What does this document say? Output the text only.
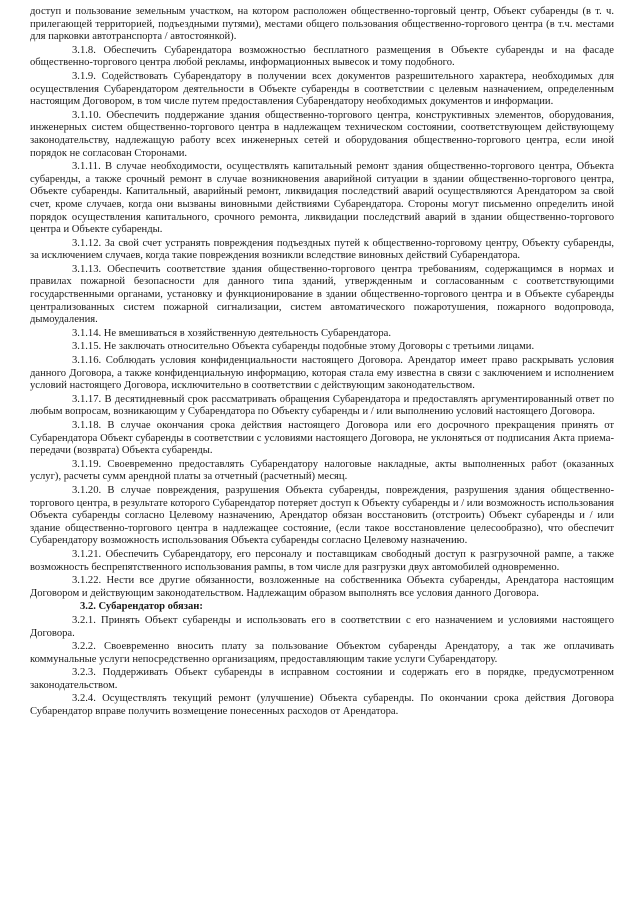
доступ и пользование земельным участком, на котором расположен общественно-торговый центр, Объект субаренды (в т. ч. прилегающей территорией, подъездными путями), местами общего пользования общественно-торгового центра (в т.ч. местами для парковки автотранспорта / автостоянкой).

3.1.8. Обеспечить Субарендатора возможностью бесплатного размещения в Объекте субаренды и на фасаде общественно-торгового центра любой рекламы, информационных вывесок и тому подобного.

3.1.9. Содействовать Субарендатору в получении всех документов разрешительного характера, необходимых для осуществления Субарендатором деятельности в Объекте субаренды в соответствии с целевым назначением, определенным настоящим Договором, в том числе путем предоставления Субарендатору необходимых документов и информации.

3.1.10. Обеспечить поддержание здания общественно-торгового центра, конструктивных элементов, оборудования, инженерных систем общественно-торгового центра в надлежащем техническом состоянии, соответствующем действующему законодательству, надлежащую работу всех инженерных сетей и оборудования общественно-торгового центра, если иной порядок не согласован Сторонами.

3.1.11. В случае необходимости, осуществлять капитальный ремонт здания общественно-торгового центра, Объекта субаренды, а также срочный ремонт в случае возникновения аварийной ситуации в здании общественно-торгового центра, Объекте субаренды. Капитальный, аварийный ремонт, ликвидация последствий аварий осуществляются Арендатором за свой счет, кроме случаев, когда они вызваны виновными действиями Субарендатора. Стороны могут письменно определить иной порядок осуществления капитального, срочного ремонта, ликвидации последствий аварий в здании общественно-торгового центра и Объекте субаренды.

3.1.12. За свой счет устранять повреждения подъездных путей к общественно-торговому центру, Объекту субаренды, за исключением случаев, когда такие повреждения возникли вследствие виновных действий Субарендатора.

3.1.13. Обеспечить соответствие здания общественно-торгового центра требованиям, содержащимся в нормах и правилах пожарной безопасности для данного типа зданий, утвержденным и согласованным с соответствующими государственными органами, установку и функционирование в здании общественно-торгового центра и в Объекте субаренды централизованных систем пожарной сигнализации, систем автоматического пожаротушения, пожарного водопровода, дымоудаления.

3.1.14. Не вмешиваться в хозяйственную деятельность Субарендатора.

3.1.15. Не заключать относительно Объекта субаренды подобные этому Договоры с третьими лицами.

3.1.16. Соблюдать условия конфиденциальности настоящего Договора. Арендатор имеет право раскрывать условия данного Договора, а также конфиденциальную информацию, которая стала ему известна в связи с заключением и исполнением условий настоящего Договора, исключительно в соответствии с действующим законодательством.

3.1.17. В десятидневный срок рассматривать обращения Субарендатора и предоставлять аргументированный ответ по любым вопросам, возникающим у Субарендатора по Объекту субаренды и / или выполнению условий настоящего Договора.

3.1.18. В случае окончания срока действия настоящего Договора или его досрочного прекращения принять от Субарендатора Объект субаренды в соответствии с условиями настоящего Договора, не уклоняться от подписания Акта приема-передачи (возврата) Объекта субаренды.

3.1.19. Своевременно предоставлять Субарендатору налоговые накладные, акты выполненных работ (оказанных услуг), расчеты сумм арендной платы за отчетный (расчетный) месяц.

3.1.20. В случае повреждения, разрушения Объекта субаренды, повреждения, разрушения здания общественно-торгового центра, в результате которого Субарендатор потеряет доступ к Объекту субаренды и / или возможность использования Объекта субаренды согласно Целевому назначению, Арендатор обязан восстановить (отстроить) Объект субаренды и / или здание общественно-торгового центра в надлежащее состояние, (если такое восстановление целесообразно), что обеспечит Субарендатору возможность использования Объекта субаренды согласно Целевому назначению.

3.1.21. Обеспечить Субарендатору, его персоналу и поставщикам свободный доступ к разгрузочной рампе, а также возможность беспрепятственного использования рампы, в том числе для разгрузки двух автомобилей одновременно.

3.1.22. Нести все другие обязанности, возложенные на собственника Объекта субаренды, Арендатора настоящим Договором и действующим законодательством. Надлежащим образом выполнять все условия данного Договора.

3.2. Субарендатор обязан:

3.2.1. Принять Объект субаренды и использовать его в соответствии с его назначением и условиями настоящего Договора.

3.2.2. Своевременно вносить плату за пользование Объектом субаренды Арендатору, а так же оплачивать коммунальные услуги непосредственно организациям, предоставляющим такие услуги Субарендатору.

3.2.3. Поддерживать Объект субаренды в исправном состоянии и содержать его в порядке, предусмотренном законодательством.

3.2.4. Осуществлять текущий ремонт (улучшение) Объекта субаренды. По окончании срока действия Договора Субарендатор вправе получить возмещение понесенных расходов от Арендатора.
